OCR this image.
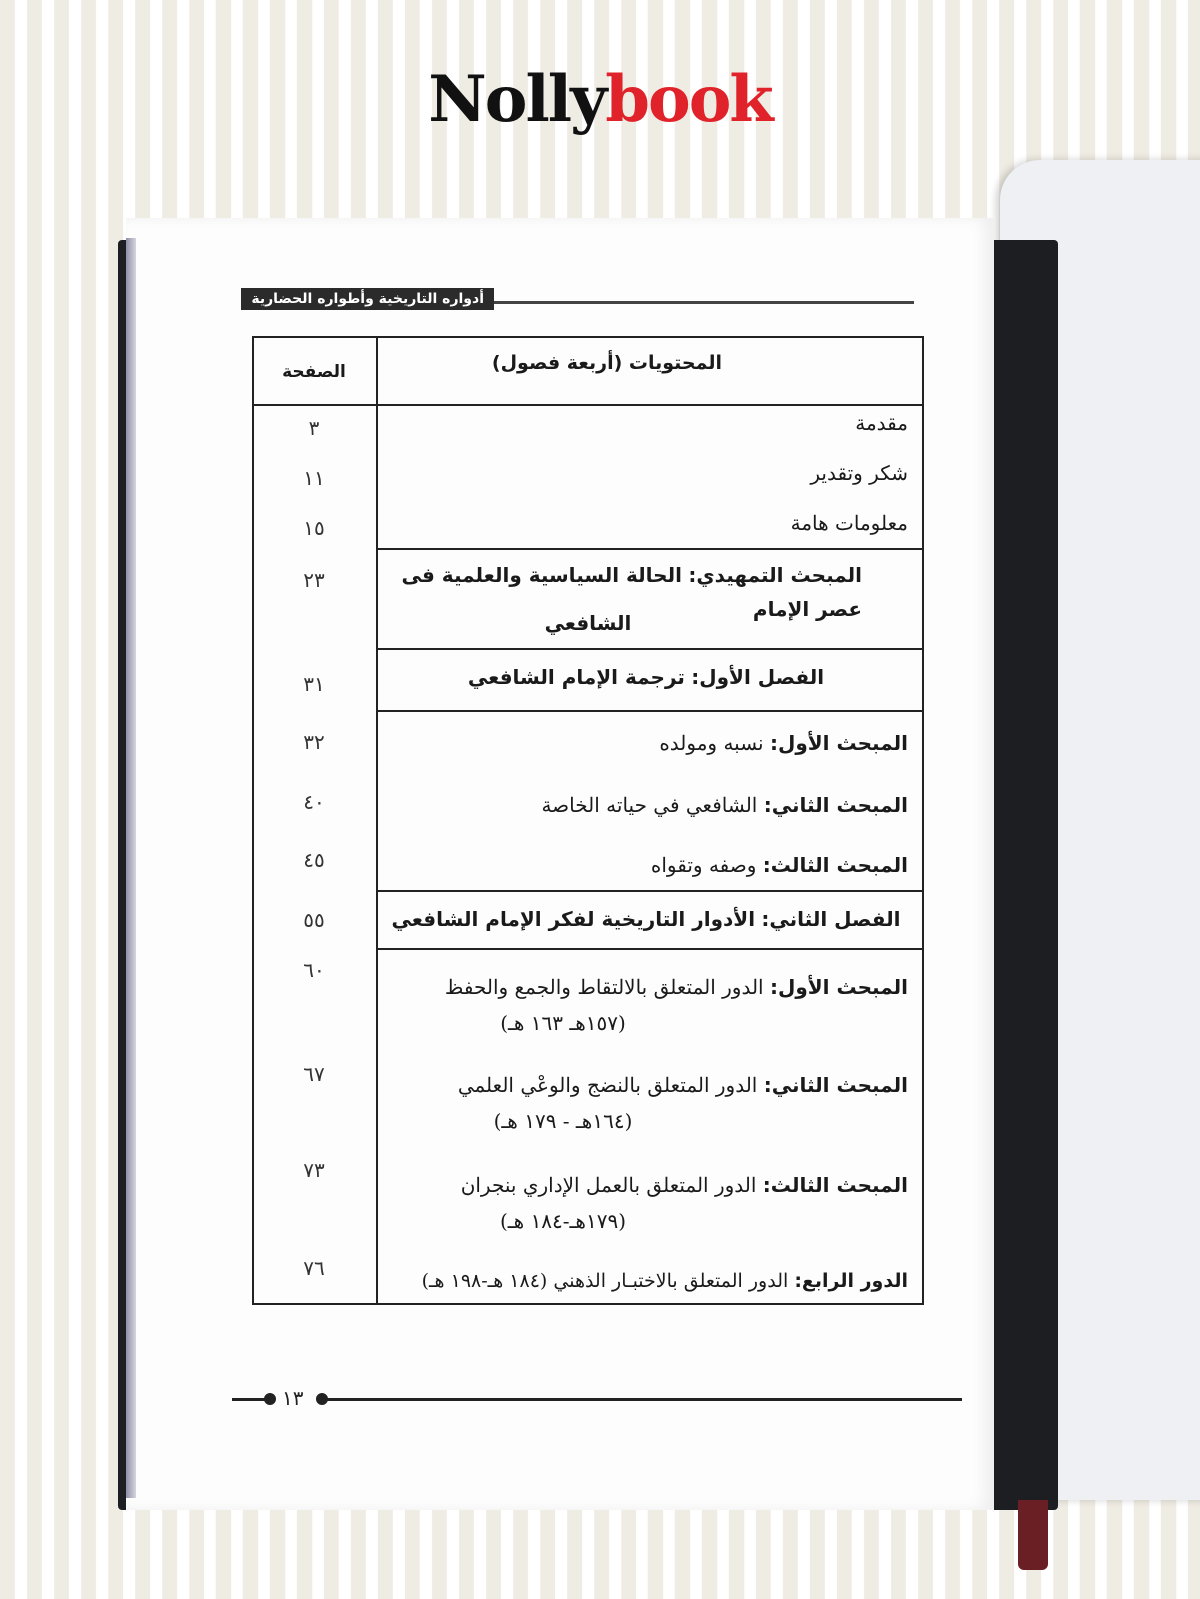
Nollybook
أدواره التاريخية وأطواره الحضارية
المحتويات (أربعة فصول)
الصفحة
مقدمة
٣
شكر وتقدير
١١
معلومات هامة
١٥
المبحث التمهيدي: الحالة السياسية والعلمية فى عصر الإمام
الشافعي
٢٣
الفصل الأول: ترجمة الإمام الشافعي
٣١
المبحث الأول: نسبه ومولده
٣٢
المبحث الثاني: الشافعي في حياته الخاصة
٤٠
المبحث الثالث: وصفه وتقواه
٤٥
الفصل الثاني: الأدوار التاريخية لفكر الإمام الشافعي
٥٥
المبحث الأول: الدور المتعلق بالالتقاط والجمع والحفظ
(١٥٧هـ ١٦٣ هـ)
٦٠
المبحث الثاني: الدور المتعلق بالنضج والوعْي العلمي
(١٦٤هـ - ١٧٩ هـ)
٦٧
المبحث الثالث: الدور المتعلق بالعمل الإداري بنجران
(١٧٩هـ-١٨٤ هـ)
٧٣
الدور الرابع: الدور المتعلق بالاختبـار الذهني (١٨٤ هـ-١٩٨ هـ)
٧٦
١٣
